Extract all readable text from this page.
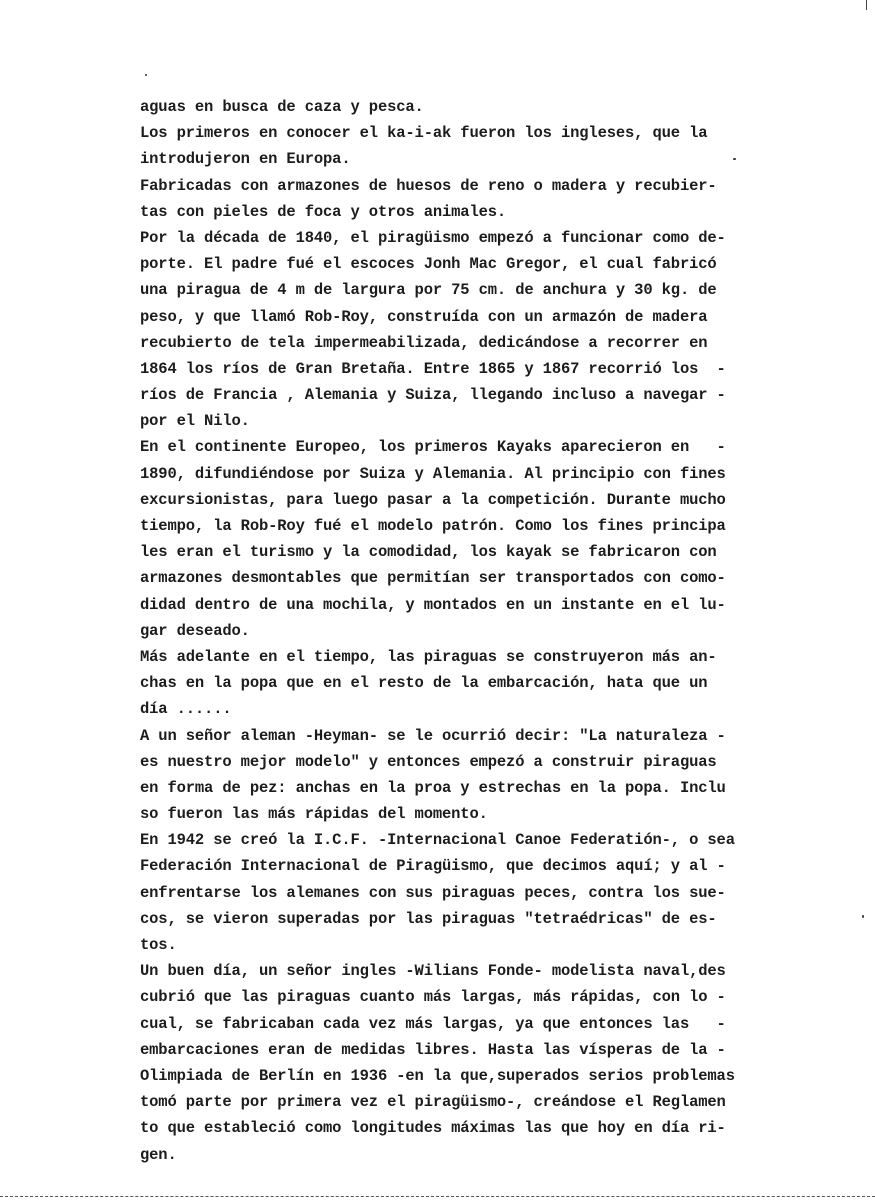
aguas en busca de caza y pesca.
Los primeros en conocer el ka-i-ak fueron los ingleses, que la
introdujeron en Europa.
Fabricadas con armazones de huesos de reno o madera y recubier-
tas con pieles de foca y otros animales.
Por la década de 1840, el piragüismo empezó a funcionar como de-
porte. El padre fué el escoces Jonh Mac Gregor, el cual fabricó
una piragua de 4 m de largura por 75 cm. de anchura y 30 kg. de
peso, y que llamó Rob-Roy, construída con un armazón de madera
recubierto de tela impermeabilizada, dedicándose a recorrer en
1864 los ríos de Gran Bretaña. Entre 1865 y 1867 recorrió los  -
ríos de Francia , Alemania y Suiza, llegando incluso a navegar -
por el Nilo.
En el continente Europeo, los primeros Kayaks aparecieron en   -
1890, difundiéndose por Suiza y Alemania. Al principio con fines
excursionistas, para luego pasar a la competición. Durante mucho
tiempo, la Rob-Roy fué el modelo patrón. Como los fines principa
les eran el turismo y la comodidad, los kayak se fabricaron con
armazones desmontables que permitían ser transportados con como-
didad dentro de una mochila, y montados en un instante en el lu-
gar deseado.
Más adelante en el tiempo, las piraguas se construyeron más an-
chas en la popa que en el resto de la embarcación, hata que un
día ......
A un señor aleman -Heyman- se le ocurrió decir: "La naturaleza -
es nuestro mejor modelo" y entonces empezó a construir piraguas
en forma de pez: anchas en la proa y estrechas en la popa. Inclu
so fueron las más rápidas del momento.
En 1942 se creó la I.C.F. -Internacional Canoe Federatión-, o sea
Federación Internacional de Piragüismo, que decimos aquí; y al -
enfrentarse los alemanes con sus piraguas peces, contra los sue-
cos, se vieron superadas por las piraguas "tetraédricas" de es-
tos.
Un buen día, un señor ingles -Wilians Fonde- modelista naval,des
cubrió que las piraguas cuanto más largas, más rápidas, con lo -
cual, se fabricaban cada vez más largas, ya que entonces las   -
embarcaciones eran de medidas libres. Hasta las vísperas de la -
Olimpiada de Berlín en 1936 -en la que,superados serios problemas
tomó parte por primera vez el piragüismo-, creándose el Reglamen
to que estableció como longitudes máximas las que hoy en día ri-
gen.
